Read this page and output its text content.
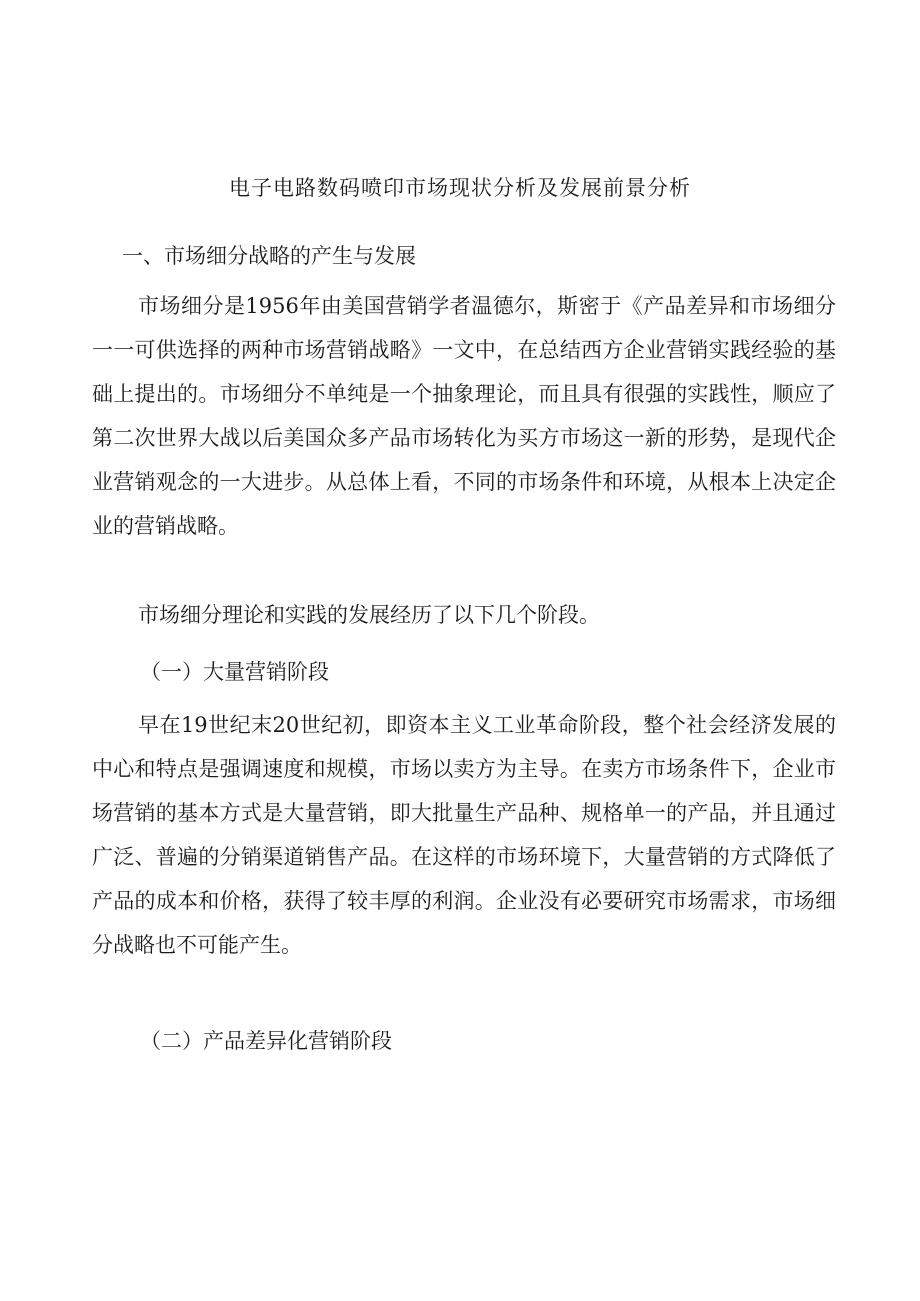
电子电路数码喷印市场现状分析及发展前景分析
一、市场细分战略的产生与发展

市场细分是1956年由美国营销学者温德尔，斯密于《产品差异和市场细分一一可供选择的两种市场营销战略》一文中，在总结西方企业营销实践经验的基础上提出的。市场细分不单纯是一个抽象理论，而且具有很强的实践性，顺应了第二次世界大战以后美国众多产品市场转化为买方市场这一新的形势，是现代企业营销观念的一大进步。从总体上看，不同的市场条件和环境，从根本上决定企业的营销战略。

市场细分理论和实践的发展经历了以下几个阶段。

（一）大量营销阶段

早在19世纪末20世纪初，即资本主义工业革命阶段，整个社会经济发展的中心和特点是强调速度和规模，市场以卖方为主导。在卖方市场条件下，企业市场营销的基本方式是大量营销，即大批量生产品种、规格单一的产品，并且通过广泛、普遍的分销渠道销售产品。在这样的市场环境下，大量营销的方式降低了产品的成本和价格，获得了较丰厚的利润。企业没有必要研究市场需求，市场细分战略也不可能产生。

（二）产品差异化营销阶段
